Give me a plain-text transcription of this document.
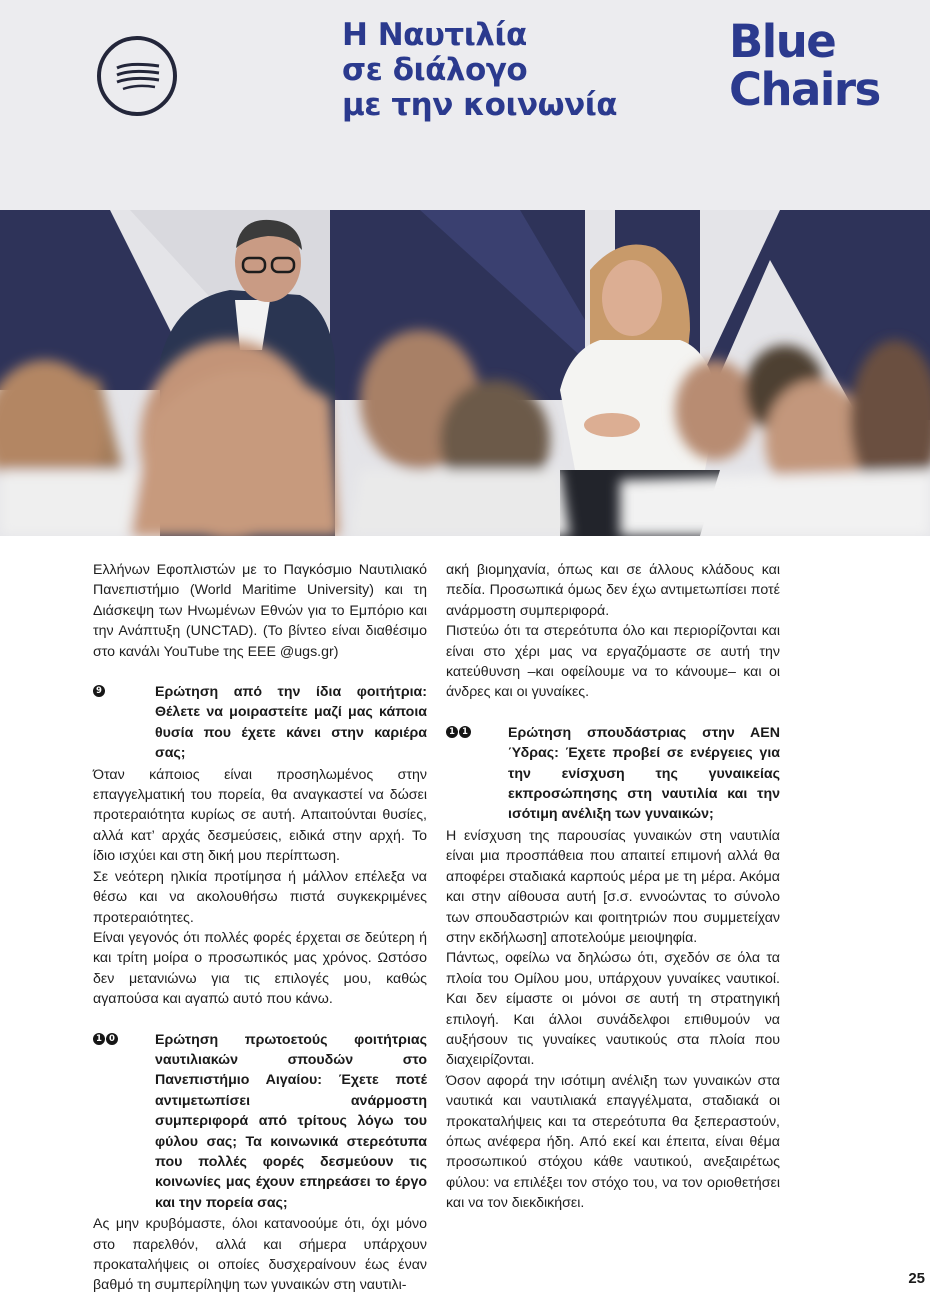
Η Ναυτιλία
σε διάλογο
με την κοινωνία
Blue
Chairs

Ελλήνων Εφοπλιστών με το Παγκόσμιο Ναυτιλιακό Πανεπιστήμιο (World Maritime University) και τη Διάσκεψη των Ηνωμένων Εθνών για το Εμπόριο και την Ανάπτυξη (UNCTAD). (Το βίντεο είναι διαθέσιμο στο κανάλι YouTube της ΕΕΕ @ugs.gr)

9	Ερώτηση από την ίδια φοιτήτρια: Θέλετε να μοιραστείτε μαζί μας κάποια θυσία που έχετε κάνει στην καριέρα σας;

Όταν κάποιος είναι προσηλωμένος στην επαγγελματική του πορεία, θα αναγκαστεί να δώσει προτεραιότητα κυρίως σε αυτή. Απαιτούνται θυσίες, αλλά κατ’ αρχάς δεσμεύσεις, ειδικά στην αρχή. Το ίδιο ισχύει και στη δική μου περίπτωση.

Σε νεότερη ηλικία προτίμησα ή μάλλον επέλεξα να θέσω και να ακολουθήσω πιστά συγκεκριμένες προτεραιότητες.

Είναι γεγονός ότι πολλές φορές έρχεται σε δεύτερη ή και τρίτη μοίρα ο προσωπικός μας χρόνος. Ωστόσο δεν μετανιώνω για τις επιλογές μου, καθώς αγαπούσα και αγαπώ αυτό που κάνω.

1 0	Ερώτηση πρωτοετούς φοιτήτριας ναυτιλιακών σπουδών στο Πανεπιστήμιο Αιγαίου: Έχετε ποτέ αντιμετωπίσει ανάρμοστη συμπεριφορά από τρίτους λόγω του φύλου σας; Τα κοινωνικά στερεότυπα που πολλές φορές δεσμεύουν τις κοινωνίες μας έχουν επηρεάσει το έργο και την πορεία σας;

Ας μην κρυβόμαστε, όλοι κατανοούμε ότι, όχι μόνο στο παρελθόν, αλλά και σήμερα υπάρχουν προκαταλήψεις οι οποίες δυσχεραίνουν έως έναν βαθμό τη συμπερίληψη των γυναικών στη ναυτιλι-

ακή βιομηχανία, όπως και σε άλλους κλάδους και πεδία. Προσωπικά όμως δεν έχω αντιμετωπίσει ποτέ ανάρμοστη συμπεριφορά.

Πιστεύω ότι τα στερεότυπα όλο και περιορίζονται και είναι στο χέρι μας να εργαζόμαστε σε αυτή την κατεύθυνση –και οφείλουμε να το κάνουμε– και οι άνδρες και οι γυναίκες.

1 1	Ερώτηση σπουδάστριας στην ΑΕΝ Ύδρας: Έχετε προβεί σε ενέργειες για την ενίσχυση της γυναικείας εκπροσώπησης στη ναυτιλία και την ισότιμη ανέλιξη των γυναικών;

Η ενίσχυση της παρουσίας γυναικών στη ναυτιλία είναι μια προσπάθεια που απαιτεί επιμονή αλλά θα αποφέρει σταδιακά καρπούς μέρα με τη μέρα. Ακόμα και στην αίθουσα αυτή [σ.σ. εννοώντας το σύνολο των σπουδαστριών και φοιτητριών που συμμετείχαν στην εκδήλωση] αποτελούμε μειοψηφία.

Πάντως, οφείλω να δηλώσω ότι, σχεδόν σε όλα τα πλοία του Ομίλου μου, υπάρχουν γυναίκες ναυτικοί. Και δεν είμαστε οι μόνοι σε αυτή τη στρατηγική επιλογή. Και άλλοι συνάδελφοι επιθυμούν να αυξήσουν τις γυναίκες ναυτικούς στα πλοία που διαχειρίζονται.

Όσον αφορά την ισότιμη ανέλιξη των γυναικών στα ναυτικά και ναυτιλιακά επαγγέλματα, σταδιακά οι προκαταλήψεις και τα στερεότυπα θα ξεπεραστούν, όπως ανέφερα ήδη. Από εκεί και έπειτα, είναι θέμα προσωπικού στόχου κάθε ναυτικού, ανεξαιρέτως φύλου: να επιλέξει τον στόχο του, να τον οριοθετήσει και να τον διεκδικήσει.

25
